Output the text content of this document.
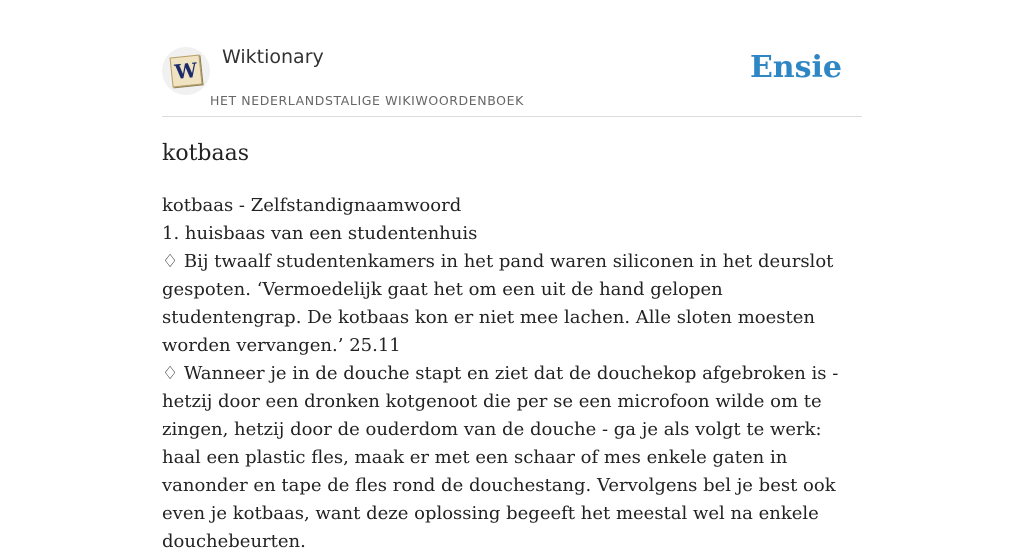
W
Wiktionary
HET NEDERLANDSTALIGE WIKIWOORDENBOEK
Ensie
kotbaas

kotbaas - Zelfstandignaamwoord

1. huisbaas van een studentenhuis

♢ Bij twaalf studentenkamers in het pand waren siliconen in het deurslot gespoten. ‘Vermoedelijk gaat het om een uit de hand gelopen studentengrap. De kotbaas kon er niet mee lachen. Alle sloten moesten worden vervangen.’ 25.11

♢ Wanneer je in de douche stapt en ziet dat de douchekop afgebroken is - hetzij door een dronken kotgenoot die per se een microfoon wilde om te zingen, hetzij door de ouderdom van de douche - ga je als volgt te werk: haal een plastic fles, maak er met een schaar of mes enkele gaten in vanonder en tape de fles rond de douchestang. Vervolgens bel je best ook even je kotbaas, want deze oplossing begeeft het meestal wel na enkele douchebeurten.
